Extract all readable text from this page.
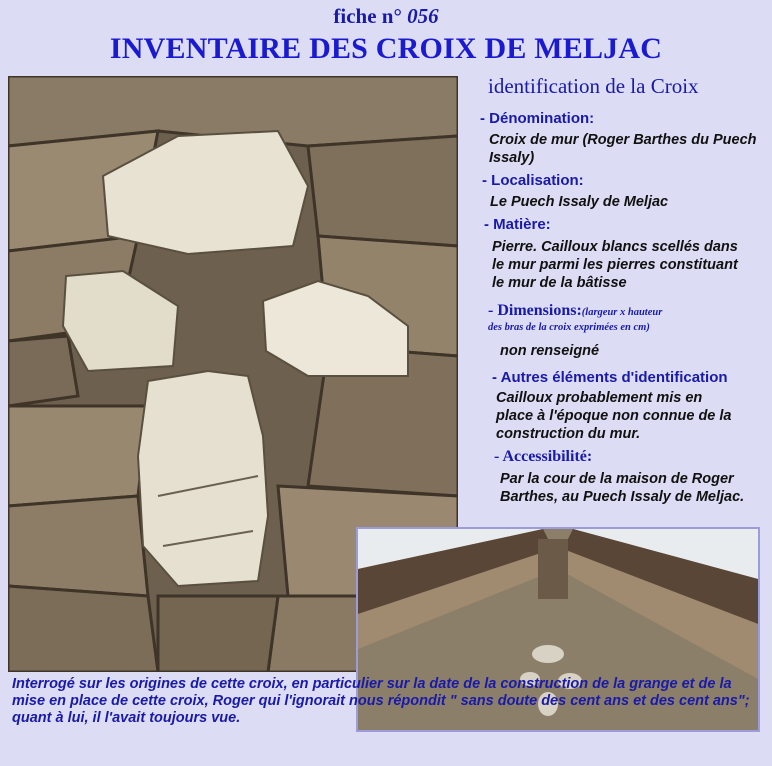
fiche n° 056
INVENTAIRE DES CROIX DE MELJAC
identification de la Croix
- Dénomination:
Croix de mur (Roger Barthes du Puech Issaly)
- Localisation:
Le Puech Issaly de Meljac
- Matière:
Pierre. Cailloux blancs scellés dans le mur parmi les pierres constituant le mur de la bâtisse
- Dimensions:(largeur x hauteur
des bras de la croix exprimées en cm)
non renseigné
- Autres éléments d'identification
Cailloux probablement mis en place à l'époque non connue de la construction du mur.
- Accessibilité:
Par la cour de la maison de Roger Barthes, au Puech Issaly de Meljac.
Interrogé sur les origines de cette croix, en particulier sur la date de la construction de la grange et de la mise en place de cette croix, Roger qui l'ignorait nous répondit " sans doute des cent ans et des cent ans"; quant à lui, il l'avait toujours vue.
